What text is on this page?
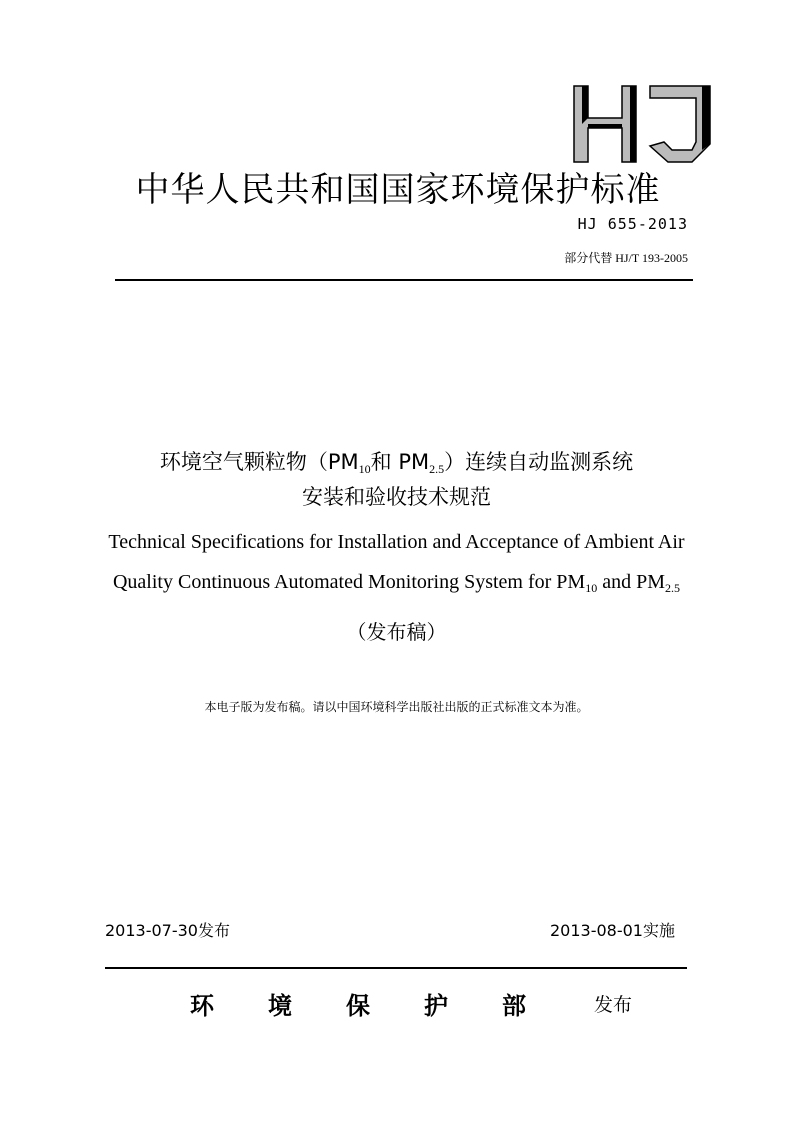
中华人民共和国国家环境保护标准
HJ 655-2013
部分代替 HJ/T 193-2005
环境空气颗粒物（$PM_{10}$和 $PM_{2.5}$）连续自动监测系统
安装和验收技术规范
Technical Specifications for Installation and Acceptance of Ambient Air
Quality Continuous Automated Monitoring System for $PM_{10}$ and $PM_{2.5}$
（发布稿）
本电子版为发布稿。请以中国环境科学出版社出版的正式标准文本为准。
2013-07-30发布	2013-08-01实施
环 境 保 护 部	发布
